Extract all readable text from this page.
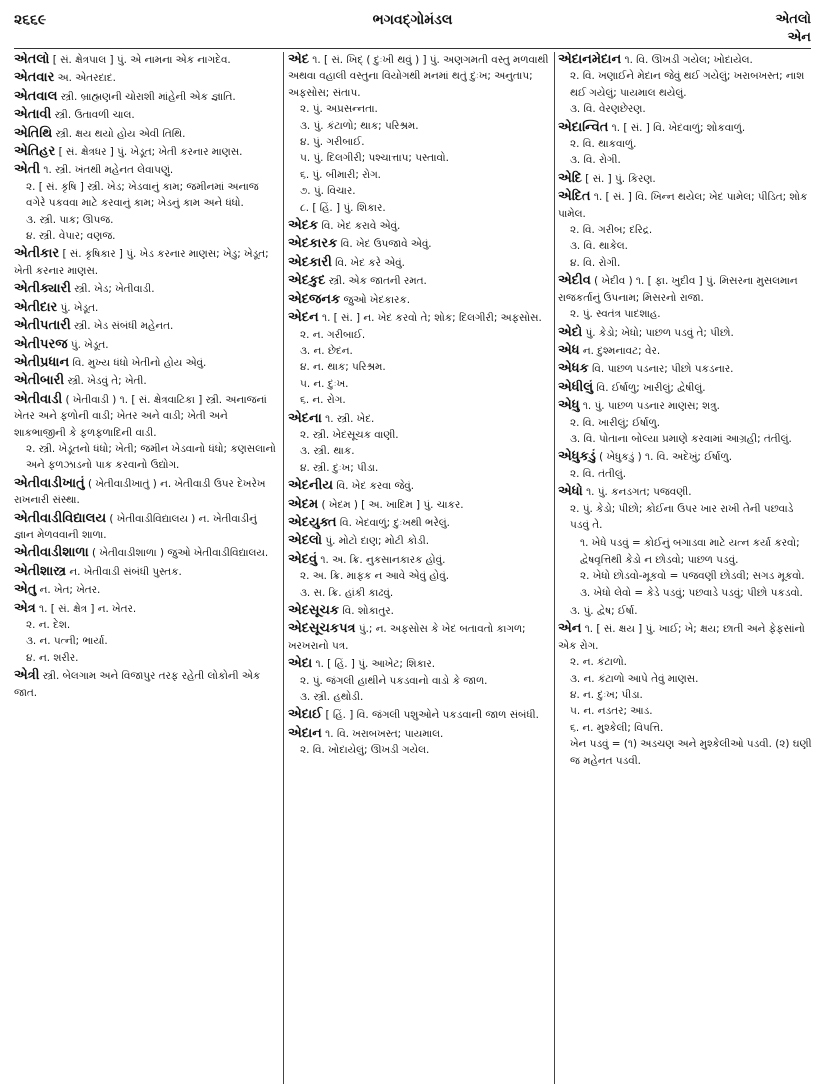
૨૬૬૯	ભગવદ્ગોમંડલ	એતલો
એન
એતલો [ સં. ક્ષેત્રપાલ ] પું. એ નામના એક નાગદેવ.
એતવાર અ. એતરદાદ.
એતવાલ સ્ત્રી. બ્રાહ્મણની ચોરાશી માંહેની એક જ્ઞાતિ.
એતાવી સ્ત્રી. ઉતાવળી ચાલ.
એતિથિ સ્ત્રી. ક્ષય થયો હોય એવી તિથિ.
એતિહર [ સં. ક્ષેત્રધર ] પું. ખેડૂત; ખેતી કરનાર માણસ.
એતી ૧. સ્ત્રી. ખંતથી મહેનત લેવાપણું.
૨. [ સં. કૃષિ ] સ્ત્રી. ખેડ; ખેડવાનું કામ; જમીનમાં અનાજ વગેરે પકવવા માટે કરવાનું કામ; ખેડનું કામ અને ધંધો.
૩. સ્ત્રી. પાક; ઊપજ.
૪. સ્ત્રી. વેપાર; વણજ.
એતીકાર [ સં. કૃષિકાર ] પું. ખેડ કરનાર માણસ; ખેડુ; ખેડૂત; ખેતી કરનાર માણસ.
એતીક્યારી સ્ત્રી. ખેડ; ખેતીવાડી.
એતીદાર પું. ખેડૂત.
એતીપતારી સ્ત્રી. ખેડ સંબંધી મહેનત.
એતીપરજ પું. ખેડૂત.
એતીપ્રધાન વિ. મુખ્ય ધંધો ખેતીનો હોય એવું.
એતીબારી સ્ત્રી. ખેડવું તે; ખેતી.
એતીવાડી ( ખેતીવાડી ) ૧. [ સં. ક્ષેત્રવાટિકા ] સ્ત્રી. અનાજનાં ખેતર અને ફળોની વાડી; ખેતર અને વાડી; ખેતી અને શાકભાજીની કે ફળફળાદિની વાડી.
૨. સ્ત્રી. ખેડૂતનો ધંધો; ખેતી; જમીન ખેડવાનો ધંધો; કણસલાનો અને ફળઝાડનો પાક કરવાનો ઉદ્યોગ.
એતીવાડીખાતું ( ખેતીવાડીખાતું ) ન. ખેતીવાડી ઉપર દેખરેખ રાખનારી સંસ્થા.
એતીવાડીવિદ્યાલય ( ખેતીવાડીવિદ્યાલય ) ન. ખેતીવાડીનું જ્ઞાન મેળવવાની શાળા.
એતીવાડીશાળા ( ખેતીવાડીશાળા ) જુઓ ખેતીવાડીવિદ્યાલય.
એતીશાસ્ત્ર ન. ખેતીવાડી સંબંધી પુસ્તક.
એતુ ન. ખેત; ખેતર.
એત્ર ૧. [ સં. ક્ષેત્ર ] ન. ખેતર.
૨. ન. દેશ.
૩. ન. પત્ની; ભાર્યા.
૪. ન. શરીર.
એત્રી સ્ત્રી. બેલગામ અને વિજાપુર તરફ રહેતી લોકોની એક જાત.
એદ ૧. [ સં. ખિદ્ ( દુઃખી થવું ) ] પું. અણગમતી વસ્તુ મળવાથી અથવા વહાલી વસ્તુના વિયોગથી મનમાં થતું દુઃખ; અનુતાપ; અફસોસ; સંતાપ.
૨. પું. અપ્રસન્નતા.
૩. પું. કંટાળો; થાક; પરિશ્રમ.
૪. પું. ગરીબાઈ.
૫. પું. દિલગીરી; પશ્ચાત્તાપ; પસ્તાવો.
૬. પું. બીમારી; રોગ.
૭. પું. વિચાર.
૮. [ હિં. ] પું. શિકાર.
એદક વિ. ખેદ કરાવે એવું.
એદકારક વિ. ખેદ ઉપજાવે એવું.
એદકારી વિ. ખેદ કરે એવું.
એદકુદ સ્ત્રી. એક જાતની રમત.
એદજનક જુઓ ખેદકારક.
એદન ૧. [ સં. ] ન. ખેદ કરવો તે; શોક; દિલગીરી; અફસોસ.
૨. ન. ગરીબાઈ.
૩. ન. છેદન.
૪. ન. થાક; પરિશ્રમ.
૫. ન. દુઃખ.
૬. ન. રોગ.
એદના ૧. સ્ત્રી. ખેદ.
૨. સ્ત્રી. ખેદસૂચક વાણી.
૩. સ્ત્રી. થાક.
૪. સ્ત્રી. દુઃખ; પીડા.
એદનીય વિ. ખેદ કરવા જેવું.
એદમ ( ખેદમ ) [ અ. ખાદિમ ] પું. ચાકર.
એદયુક્ત વિ. ખેદવાળું; દુઃખથી ભરેલું.
એદલો પું. મોટો દાણ; મોટી કોડી.
એદવું ૧. અ. ક્રિ. નુકસાનકારક હોવું.
૨. અ. ક્રિ. માફક ન આવે એવું હોવું.
૩. સ. ક્રિ. હાંકી કાઢવું.
એદસૂચક વિ. શોકાતુર.
એદસૂચકપત્ર પું.; ન. અફસોસ કે ખેદ બતાવતો કાગળ; ખરખરાનો પત્ર.
એદા ૧. [ હિં. ] પું. આખેટ; શિકાર.
૨. પું. જંગલી હાથીને પકડવાનો વાડો કે જાળ.
૩. સ્ત્રી. હથોડી.
એદાઈ [ હિં. ] વિ. જંગલી પશુઓને પકડવાની જાળ સંબંધી.
એદાન ૧. વિ. ખરાબખસ્ત; પાયમાલ.
૨. વિ. ખોદાયેલું; ઊખડી ગયેલ.
એદાનમેદાન ૧. વિ. ઊખડી ગયેલ; ખોદાયેલ.
૨. વિ. ખણાઈને મેદાન જેવું થઈ ગયેલું; ખરાબખસ્ત; નાશ થઈ ગયેલું; પાયમાલ થયેલું.
૩. વિ. વેરણછેરણ.
એદાન્વિત ૧. [ સં. ] વિ. ખેદવાળું; શોકવાળું.
૨. વિ. થાકવાળું.
૩. વિ. રોગી.
એદિ [ સં. ] પું. કિરણ.
એદિત ૧. [ સં. ] વિ. ખિન્ન થયેલ; ખેદ પામેલ; પીડિત; શોક પામેલ.
૨. વિ. ગરીબ; દરિદ્ર.
૩. વિ. થાકેલ.
૪. વિ. રોગી.
એદીવ ( ખેદીવ ) ૧. [ ફા. ખુદીવ ] પું. મિસરના મુસલમાન રાજકર્તાનું ઉપનામ; મિસરનો રાજા.
૨. પું. સ્વતંત્ર પાદશાહ.
એદો પું. કેડો; ખેધો; પાછળ પડવું તે; પીછો.
એધ ન. દુશ્મનાવટ; વેર.
એધક વિ. પાછળ પડનાર; પીછો પકડનાર.
એધીલું વિ. ઈર્ષાળુ; ખારીલું; દ્વેષીલું.
એધુ ૧. પું. પાછળ પડનાર માણસ; શત્રુ.
૨. વિ. ખારીલું; ઈર્ષાળુ.
૩. વિ. પોતાના બોલ્યા પ્રમાણે કરવામાં આગ્રહી; તંતીલું.
એધુકડું ( ખેધુકડું ) ૧. વિ. અદેખું; ઈર્ષાળુ.
૨. વિ. તંતીલું.
એધો ૧. પું. કનડગત; પજવણી.
૨. પું. કેડો; પીછો; કોઈના ઉપર ખાર રાખી તેની પછવાડે પડવું તે.
૧. ખેધે પડવું = કોઈનું બગાડવા માટે યત્ન કર્યા કરવો; દ્વેષવૃત્તિથી કેડો ન છોડવો; પાછળ પડવું.
૨. ખેધો છોડવો-મૂકવો = પજવણી છોડવી; સગડ મૂકવો.
૩. ખેધો લેવો = કેડે પડવું; પછવાડે પડવું; પીછો પકડવો.
૩. પું. દ્વેષ; ઈર્ષા.
એન ૧. [ સં. ક્ષય ] પું. ખાઈ; ખે; ક્ષય; છાતી અને ફેફસાંનો એક રોગ.
૨. ન. કંટાળો.
૩. ન. કંટાળો આપે તેવું માણસ.
૪. ન. દુઃખ; પીડા.
૫. ન. નડતર; આડ.
૬. ન. મુશ્કેલી; વિપત્તિ.
ખેન પડવું = (૧) અડચણ અને મુશ્કેલીઓ પડવી. (૨) ઘણી જ મહેનત પડવી.
